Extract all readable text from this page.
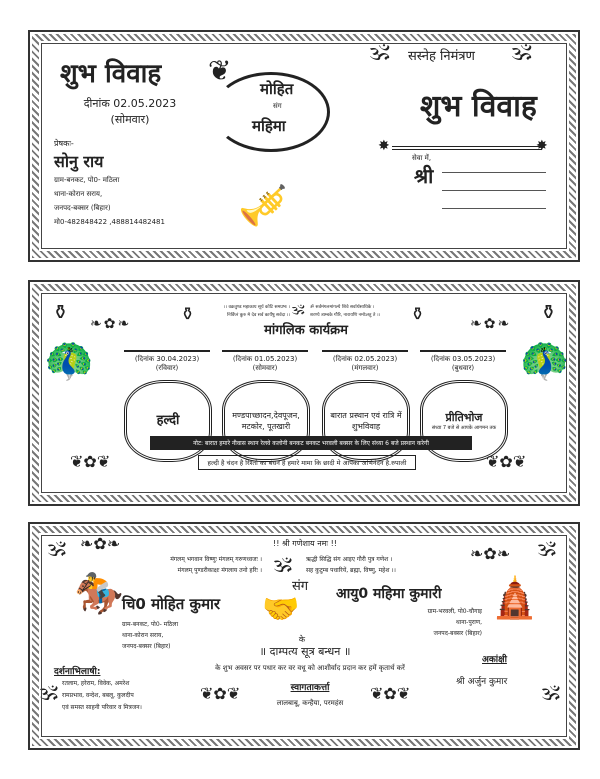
शुभ विवाह
दीनांक 02.05.2023
(सोमवार)
प्रेषकः-
सोनु राय
ग्राम-बनकट, पो0- मठिला
थाना-कोरान सराय,
जनपद-बक्सर (बिहार)
मो0-482848422 ,488814482481
❦
मोहित
संग
महिमा
🎺
🕉	🕉
सस्नेह निमंत्रण
शुभ विवाह
✸	✸
सेवा में,
श्री
⚱	⚱
⚱	⚱
।। वक्रतुण्ड महाकाय सूर्य कोटि समप्रभः ।
निर्विघ्नं कुरु मे देव सर्व कार्येषु सर्वदा ।। 🕉 ॐ सर्वमंगलमांगल्ये शिवे सर्वार्थसाधिके ।
शरण्ये त्र्यम्बके गौरि, नारायणि नमोऽस्तु ते ।।
❧✿❧	❧✿❧
मांगलिक कार्यक्रम
🦚	🦚
(दिनांक 30.04.2023)
(रविवार)
हल्दी
(दिनांक 01.05.2023)
(सोमवार)
मण्डपाच्छादन,देवपूजन, मटकोर, पूतखारी
(दिनांक 02.05.2023)
(मंगलवार)
बारात प्रस्थान एवं रात्रि में शुभविवाह
(दिनांक 03.05.2023)
(बुधवार)
प्रीतिभोज
संध्या 7 बजे से आपके आगमन तक
नोट: बारात हमारे नीवास स्थान रेलवे कलोनी बनकट बनकट भरवली बक्सर के लिए संध्या 6 बजे प्रस्थान करेगी
❦✿❦	❦✿❦
हल्दी है चंदन है रिश्तो का बंधन है हमारे मामा कि छादी मे आपका अभिनंदन है.रुपाली
🕉	🕉
❧✿❧
❧✿❧
!! श्री गणेशाय नमः !!
मंगलम् भगवान विष्णुः मंगलम् गरुणध्वजः ।
मंगलम् पुण्डरीकाक्षः मंगलाय तनो हरिः । 🕉 ऋद्धी सिद्धि संग आइए गौरी पुत्र गणेश ।
सह कुटुम्ब पधारियें, ब्रह्मा, विष्णु, महेश ।।
🏇	🛕
चि0 मोहित कुमार
ग्राम-बनकट, पो0- मठिला
थाना-कोरान सराय,
जनपद-बक्सर (बिहार)
संग
🤝	आयु0 महिमा कुमारी
ग्राम-भरवली, पो0-चौगाइ
थाना-पुराण,
जनपद-बक्सर (बिहार)
के
॥ दाम्पत्य सूत्र बन्धन ॥
के शुभ अवसर पर पधार कर वर वधू को आशीर्वाद प्रदान कर हमें कृतार्थ करें
दर्शनाभिलाषी:
🕉	🕉
रतलाम, हरेराम, विवेक, अमरेश
रामप्रभाव, वन्देश, बबलू, कुलदीप
एवं समस्त साहनी परिवार व मित्रजन।
❦✿❦	❦✿❦
स्वागताकर्त्ता
लालबाबू, कन्हैया, परमहंस
अकांक्षी
श्री अर्जुन कुमार
